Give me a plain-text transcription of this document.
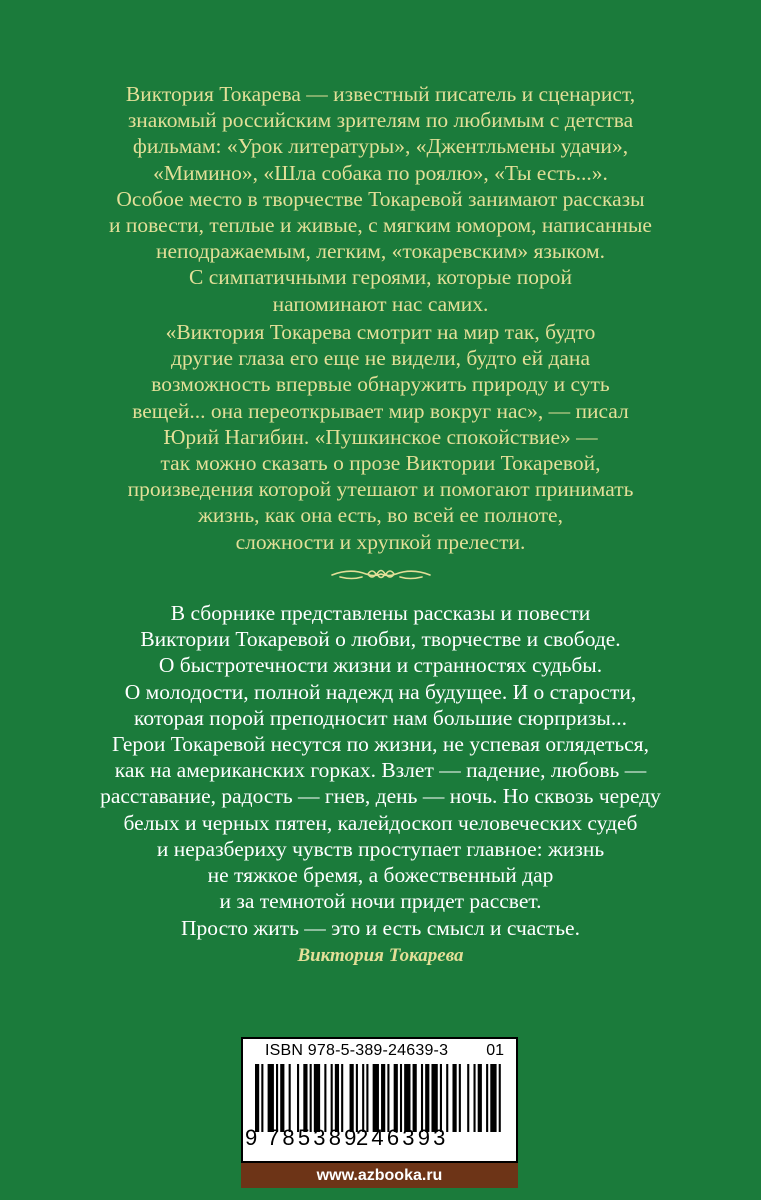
Виктория Токарева — известный писатель и сценарист,
знакомый российским зрителям по любимым с детства
фильмам: «Урок литературы», «Джентльмены удачи»,
«Мимино», «Шла собака по роялю», «Ты есть...».
Особое место в творчестве Токаревой занимают рассказы
и повести, теплые и живые, с мягким юмором, написанные
неподражаемым, легким, «токаревским» языком.
С симпатичными героями, которые порой
напоминают нас самих.
«Виктория Токарева смотрит на мир так, будто
другие глаза его еще не видели, будто ей дана
возможность впервые обнаружить природу и суть
вещей... она переоткрывает мир вокруг нас», — писал
Юрий Нагибин. «Пушкинское спокойствие» —
так можно сказать о прозе Виктории Токаревой,
произведения которой утешают и помогают принимать
жизнь, как она есть, во всей ее полноте,
сложности и хрупкой прелести.
В сборнике представлены рассказы и повести
Виктории Токаревой о любви, творчестве и свободе.
О быстротечности жизни и странностях судьбы.
О молодости, полной надежд на будущее. И о старости,
которая порой преподносит нам большие сюрпризы...
Герои Токаревой несутся по жизни, не успевая оглядеться,
как на американских горках. Взлет — падение, любовь —
расставание, радость — гнев, день — ночь. Но сквозь череду
белых и черных пятен, калейдоскоп человеческих судеб
и неразбериху чувств проступает главное: жизнь
не тяжкое бремя, а божественный дар
и за темнотой ночи придет рассвет.
Просто жить — это и есть смысл и счастье.
Виктория Токарева
ISBN 978-5-389-24639-3	01
9 785389
246393
www.azbooka.ru
